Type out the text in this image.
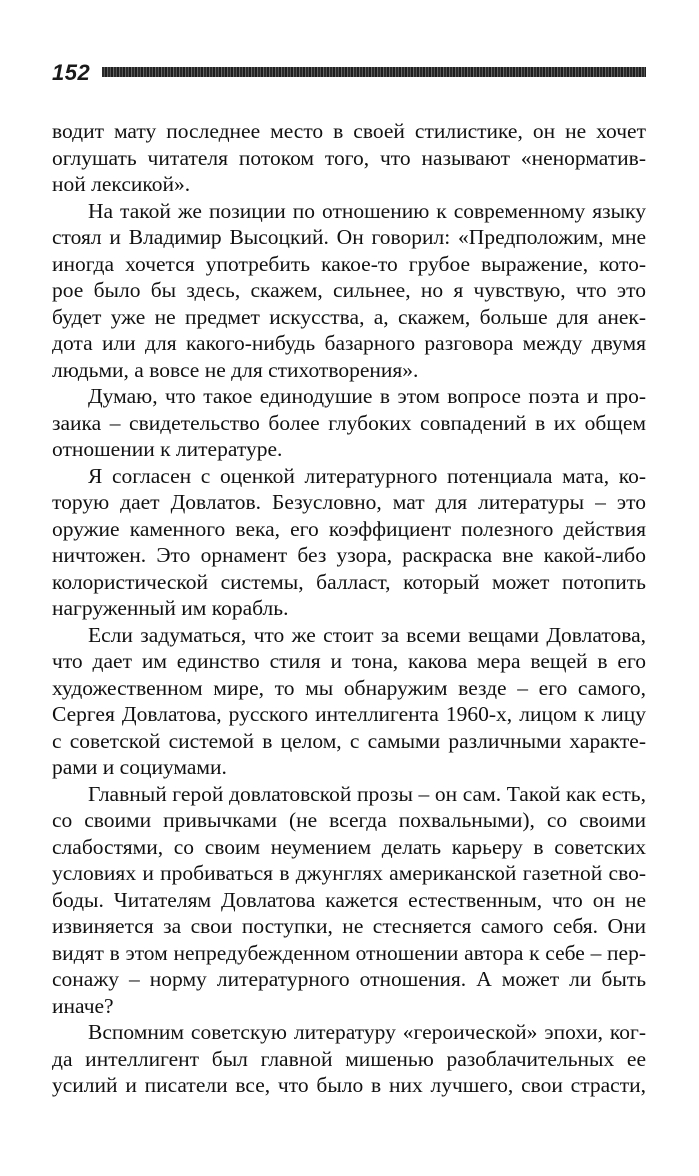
152
водит мату последнее место в своей стилистике, он не хочет
оглушать читателя потоком того, что называют «ненорматив-
ной лексикой».
На такой же позиции по отношению к современному языку
стоял и Владимир Высоцкий. Он говорил: «Предположим, мне
иногда хочется употребить какое-то грубое выражение, кото-
рое было бы здесь, скажем, сильнее, но я чувствую, что это
будет уже не предмет искусства, а, скажем, больше для анек-
дота или для какого-нибудь базарного разговора между двумя
людьми, а вовсе не для стихотворения».
Думаю, что такое единодушие в этом вопросе поэта и про-
заика – свидетельство более глубоких совпадений в их общем
отношении к литературе.
Я согласен с оценкой литературного потенциала мата, ко-
торую дает Довлатов. Безусловно, мат для литературы – это
оружие каменного века, его коэффициент полезного действия
ничтожен. Это орнамент без узора, раскраска вне какой-либо
колористической системы, балласт, который может потопить
нагруженный им корабль.
Если задуматься, что же стоит за всеми вещами Довлатова,
что дает им единство стиля и тона, какова мера вещей в его
художественном мире, то мы обнаружим везде – его самого,
Сергея Довлатова, русского интеллигента 1960-х, лицом к лицу
с советской системой в целом, с самыми различными характе-
рами и социумами.
Главный герой довлатовской прозы – он сам. Такой как есть,
со своими привычками (не всегда похвальными), со своими
слабостями, со своим неумением делать карьеру в советских
условиях и пробиваться в джунглях американской газетной сво-
боды. Читателям Довлатова кажется естественным, что он не
извиняется за свои поступки, не стесняется самого себя. Они
видят в этом непредубежденном отношении автора к себе – пер-
сонажу – норму литературного отношения. А может ли быть
иначе?
Вспомним советскую литературу «героической» эпохи, ког-
да интеллигент был главной мишенью разоблачительных ее
усилий и писатели все, что было в них лучшего, свои страсти,
